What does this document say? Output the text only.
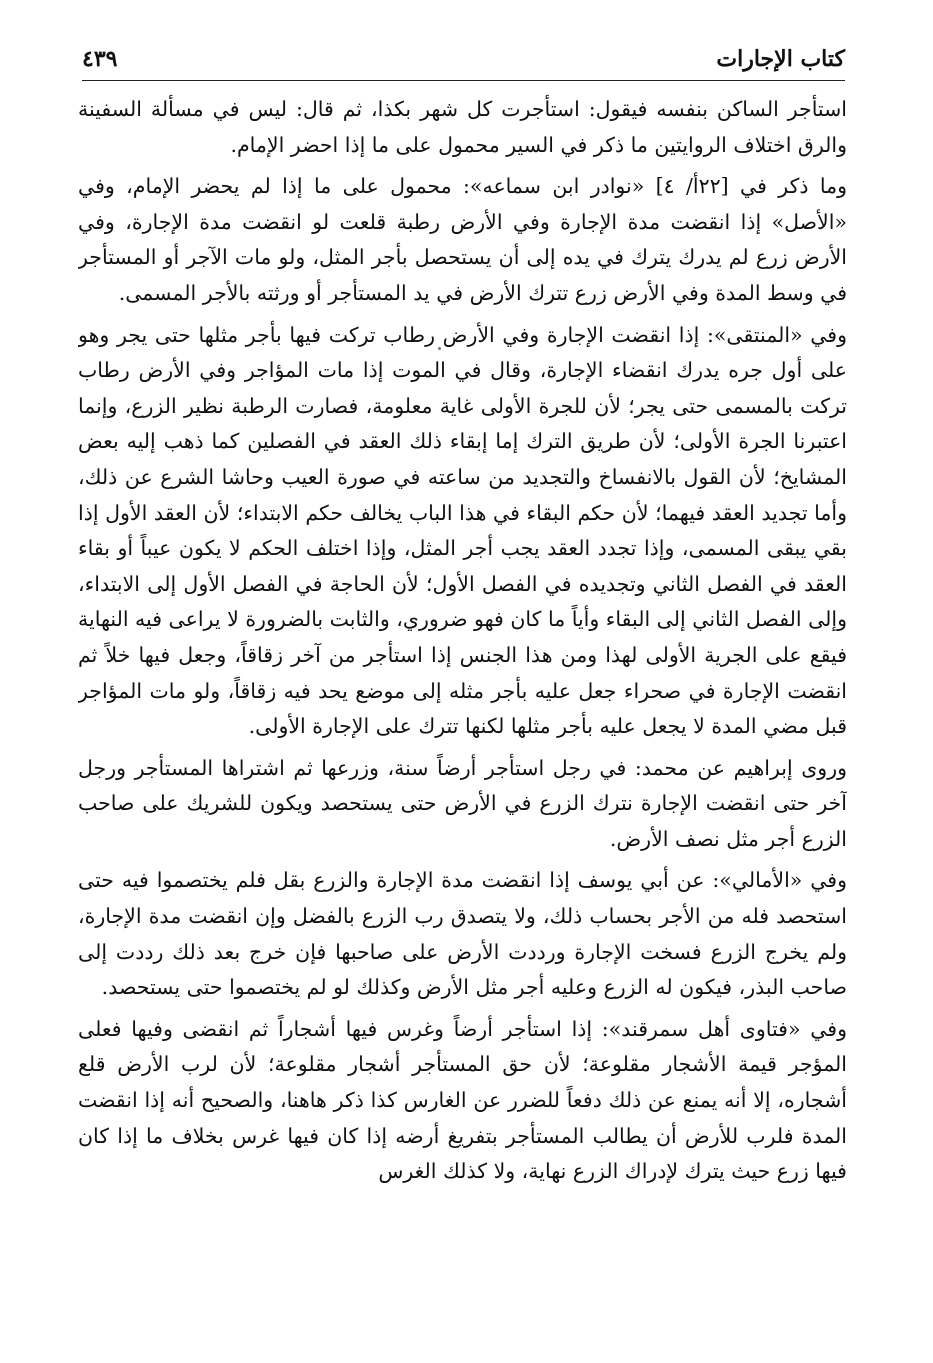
كتاب الإجارات
٤٣٩

استأجر الساكن بنفسه فيقول: استأجرت كل شهر بكذا، ثم قال: ليس في مسألة السفينة والرق اختلاف الروايتين ما ذكر في السير محمول على ما إذا احضر الإمام.

وما ذكر في [٢٢أ/ ٤] «نوادر ابن سماعه»: محمول على ما إذا لم يحضر الإمام، وفي «الأصل» إذا انقضت مدة الإجارة وفي الأرض رطبة قلعت لو انقضت مدة الإجارة، وفي الأرض زرع لم يدرك يترك في يده إلى أن يستحصل بأجر المثل، ولو مات الآجر أو المستأجر في وسط المدة وفي الأرض زرع تترك الأرض في يد المستأجر أو ورثته بالأجر المسمى.

وفي «المنتقى»: إذا انقضت الإجارة وفي الأرض رطاب تركت فيها بأجر مثلها حتى يجر وهو على أول جره يدرك انقضاء الإجارة، وقال في الموت إذا مات المؤاجر وفي الأرض رطاب تركت بالمسمى حتى يجر؛ لأن للجرة الأولى غاية معلومة، فصارت الرطبة نظير الزرع، وإنما اعتبرنا الجرة الأولى؛ لأن طريق الترك إما إبقاء ذلك العقد في الفصلين كما ذهب إليه بعض المشايخ؛ لأن القول بالانفساخ والتجديد من ساعته في صورة العيب وحاشا الشرع عن ذلك، وأما تجديد العقد فيهما؛ لأن حكم البقاء في هذا الباب يخالف حكم الابتداء؛ لأن العقد الأول إذا بقي يبقى المسمى، وإذا تجدد العقد يجب أجر المثل، وإذا اختلف الحكم لا يكون عيباً أو بقاء العقد في الفصل الثاني وتجديده في الفصل الأول؛ لأن الحاجة في الفصل الأول إلى الابتداء، وإلى الفصل الثاني إلى البقاء وأياً ما كان فهو ضروري، والثابت بالضرورة لا يراعى فيه النهاية فيقع على الجرية الأولى لهذا ومن هذا الجنس إذا استأجر من آخر زقاقاً، وجعل فيها خلاً ثم انقضت الإجارة في صحراء جعل عليه بأجر مثله إلى موضع يحد فيه زقاقاً، ولو مات المؤاجر قبل مضي المدة لا يجعل عليه بأجر مثلها لكنها تترك على الإجارة الأولى.

وروى إبراهيم عن محمد: في رجل استأجر أرضاً سنة، وزرعها ثم اشتراها المستأجر ورجل آخر حتى انقضت الإجارة نترك الزرع في الأرض حتى يستحصد ويكون للشريك على صاحب الزرع أجر مثل نصف الأرض.

وفي «الأمالي»: عن أبي يوسف إذا انقضت مدة الإجارة والزرع بقل فلم يختصموا فيه حتى استحصد فله من الأجر بحساب ذلك، ولا يتصدق رب الزرع بالفضل وإن انقضت مدة الإجارة، ولم يخرج الزرع فسخت الإجارة ورددت الأرض على صاحبها فإن خرج بعد ذلك رددت إلى صاحب البذر، فيكون له الزرع وعليه أجر مثل الأرض وكذلك لو لم يختصموا حتى يستحصد.

وفي «فتاوى أهل سمرقند»: إذا استأجر أرضاً وغرس فيها أشجاراً ثم انقضى وفيها فعلى المؤجر قيمة الأشجار مقلوعة؛ لأن حق المستأجر أشجار مقلوعة؛ لأن لرب الأرض قلع أشجاره، إلا أنه يمنع عن ذلك دفعاً للضرر عن الغارس كذا ذكر هاهنا، والصحيح أنه إذا انقضت المدة فلرب للأرض أن يطالب المستأجر بتفريغ أرضه إذا كان فيها غرس بخلاف ما إذا كان فيها زرع حيث يترك لإدراك الزرع نهاية، ولا كذلك الغرس
